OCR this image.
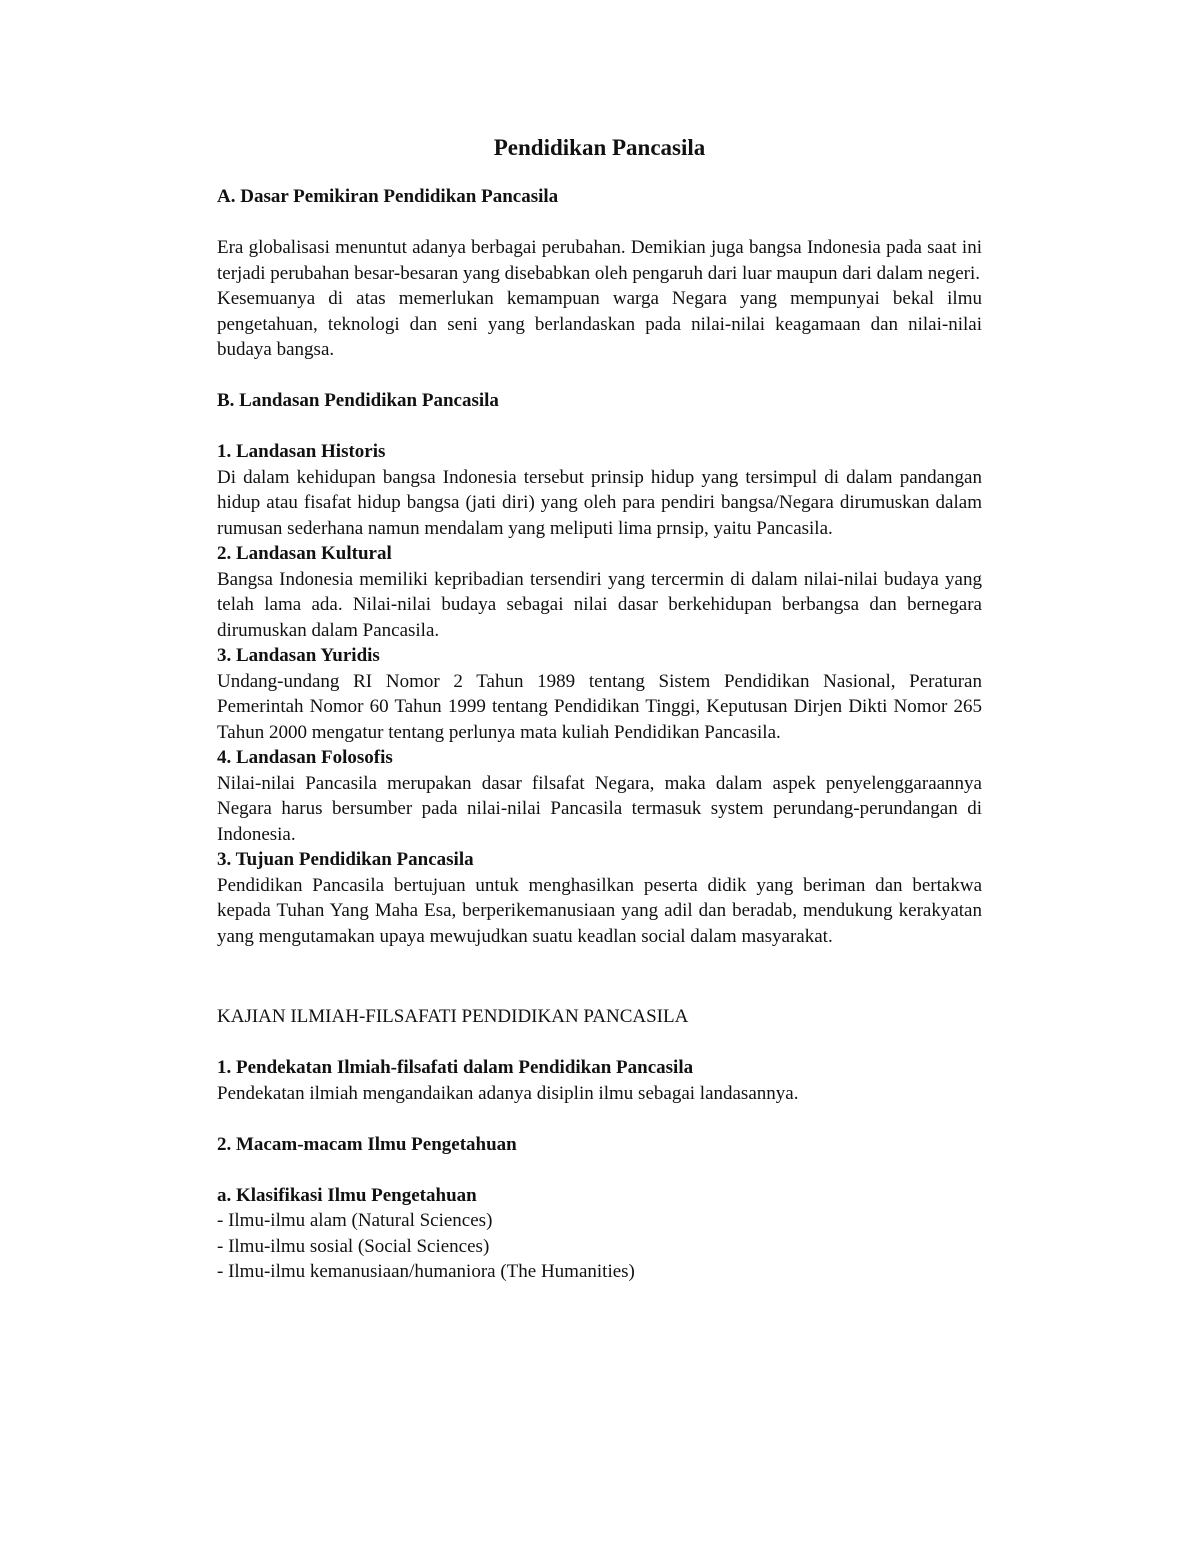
Pendidikan Pancasila

A. Dasar Pemikiran Pendidikan Pancasila

Era globalisasi menuntut adanya berbagai perubahan. Demikian juga bangsa Indonesia pada saat ini terjadi perubahan besar-besaran yang disebabkan oleh pengaruh dari luar maupun dari dalam negeri.

Kesemuanya di atas memerlukan kemampuan warga Negara yang mempunyai bekal ilmu pengetahuan, teknologi dan seni yang berlandaskan pada nilai-nilai keagamaan dan nilai-nilai budaya bangsa.

B. Landasan Pendidikan Pancasila

1. Landasan Historis

Di dalam kehidupan bangsa Indonesia tersebut prinsip hidup yang tersimpul di dalam pandangan hidup atau fisafat hidup bangsa (jati diri) yang oleh para pendiri bangsa/Negara dirumuskan dalam rumusan sederhana namun mendalam yang meliputi lima prnsip, yaitu Pancasila.

2. Landasan Kultural

Bangsa Indonesia memiliki kepribadian tersendiri yang tercermin di dalam nilai-nilai budaya yang telah lama ada. Nilai-nilai budaya sebagai nilai dasar berkehidupan berbangsa dan bernegara dirumuskan dalam Pancasila.

3. Landasan Yuridis

Undang-undang RI Nomor 2 Tahun 1989 tentang Sistem Pendidikan Nasional, Peraturan Pemerintah Nomor 60 Tahun 1999 tentang Pendidikan Tinggi, Keputusan Dirjen Dikti Nomor 265 Tahun 2000 mengatur tentang perlunya mata kuliah Pendidikan Pancasila.

4. Landasan Folosofis

Nilai-nilai Pancasila merupakan dasar filsafat Negara, maka dalam aspek penyelenggaraannya Negara harus bersumber pada nilai-nilai Pancasila termasuk system perundang-perundangan di Indonesia.

3. Tujuan Pendidikan Pancasila

Pendidikan Pancasila bertujuan untuk menghasilkan peserta didik yang beriman dan bertakwa kepada Tuhan Yang Maha Esa, berperikemanusiaan yang adil dan beradab, mendukung kerakyatan yang mengutamakan upaya mewujudkan suatu keadlan social dalam masyarakat.

KAJIAN ILMIAH-FILSAFATI PENDIDIKAN PANCASILA

1. Pendekatan Ilmiah-filsafati dalam Pendidikan Pancasila

Pendekatan ilmiah mengandaikan adanya disiplin ilmu sebagai landasannya.

2. Macam-macam Ilmu Pengetahuan

a. Klasifikasi Ilmu Pengetahuan

- Ilmu-ilmu alam (Natural Sciences)
- Ilmu-ilmu sosial (Social Sciences)
- Ilmu-ilmu kemanusiaan/humaniora (The Humanities)
